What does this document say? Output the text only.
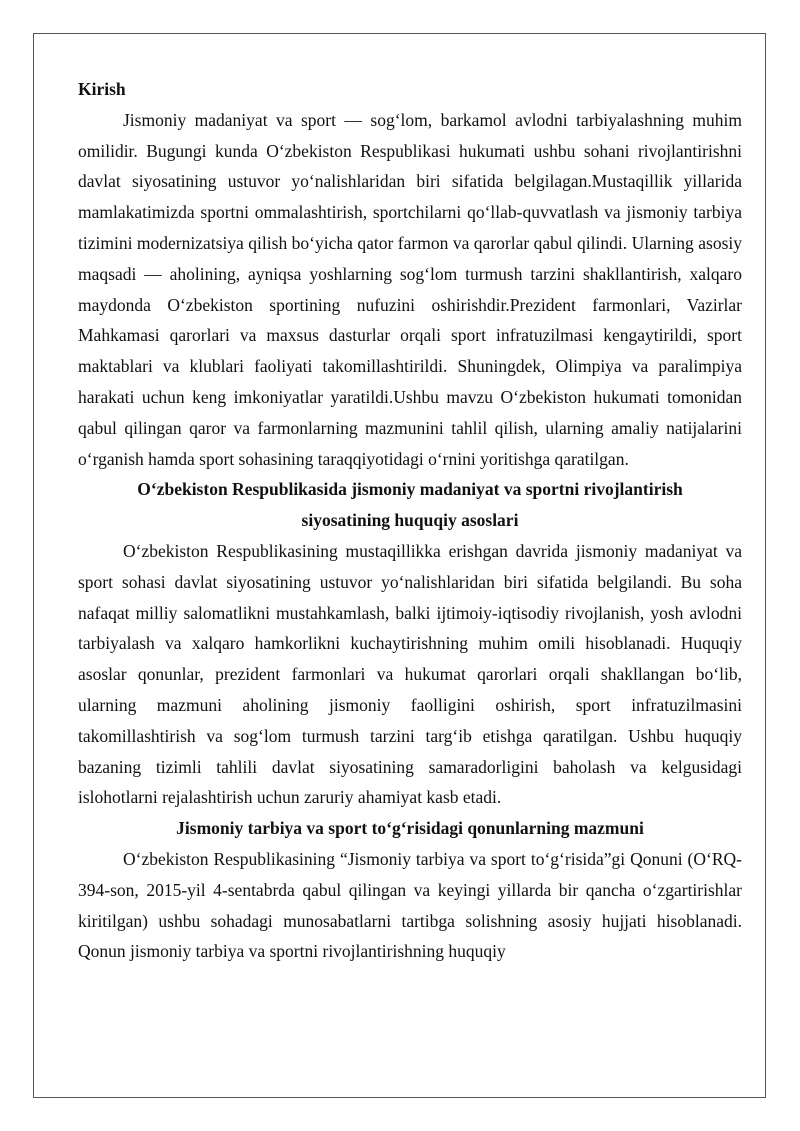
Kirish

Jismoniy madaniyat va sport — sog‘lom, barkamol avlodni tarbiyalashning muhim omilidir. Bugungi kunda O‘zbekiston Respublikasi hukumati ushbu sohani rivojlantirishni davlat siyosatining ustuvor yo‘nalishlaridan biri sifatida belgilagan.Mustaqillik yillarida mamlakatimizda sportni ommalashtirish, sportchilarni qo‘llab-quvvatlash va jismoniy tarbiya tizimini modernizatsiya qilish bo‘yicha qator farmon va qarorlar qabul qilindi. Ularning asosiy maqsadi — aholining, ayniqsa yoshlarning sog‘lom turmush tarzini shakllantirish, xalqaro maydonda O‘zbekiston sportining nufuzini oshirishdir.Prezident farmonlari, Vazirlar Mahkamasi qarorlari va maxsus dasturlar orqali sport infratuzilmasi kengaytirildi, sport maktablari va klublari faoliyati takomillashtirildi. Shuningdek, Olimpiya va paralimpiya harakati uchun keng imkoniyatlar yaratildi.Ushbu mavzu O‘zbekiston hukumati tomonidan qabul qilingan qaror va farmonlarning mazmunini tahlil qilish, ularning amaliy natijalarini o‘rganish hamda sport sohasining taraqqiyotidagi o‘rnini yoritishga qaratilgan.

O‘zbekiston Respublikasida jismoniy madaniyat va sportni rivojlantirish siyosatining huquqiy asoslari

O‘zbekiston Respublikasining mustaqillikka erishgan davrida jismoniy madaniyat va sport sohasi davlat siyosatining ustuvor yo‘nalishlaridan biri sifatida belgilandi. Bu soha nafaqat milliy salomatlikni mustahkamlash, balki ijtimoiy-iqtisodiy rivojlanish, yosh avlodni tarbiyalash va xalqaro hamkorlikni kuchaytirishning muhim omili hisoblanadi. Huquqiy asoslar qonunlar, prezident farmonlari va hukumat qarorlari orqali shakllangan bo‘lib, ularning mazmuni aholining jismoniy faolligini oshirish, sport infratuzilmasini takomillashtirish va sog‘lom turmush tarzini targ‘ib etishga qaratilgan. Ushbu huquqiy bazaning tizimli tahlili davlat siyosatining samaradorligini baholash va kelgusidagi islohotlarni rejalashtirish uchun zaruriy ahamiyat kasb etadi.

Jismoniy tarbiya va sport to‘g‘risidagi qonunlarning mazmuni

O‘zbekiston Respublikasining “Jismoniy tarbiya va sport to‘g‘risida”gi Qonuni (O‘RQ-394-son, 2015-yil 4-sentabrda qabul qilingan va keyingi yillarda bir qancha o‘zgartirishlar kiritilgan) ushbu sohadagi munosabatlarni tartibga solishning asosiy hujjati hisoblanadi. Qonun jismoniy tarbiya va sportni rivojlantirishning huquqiy
